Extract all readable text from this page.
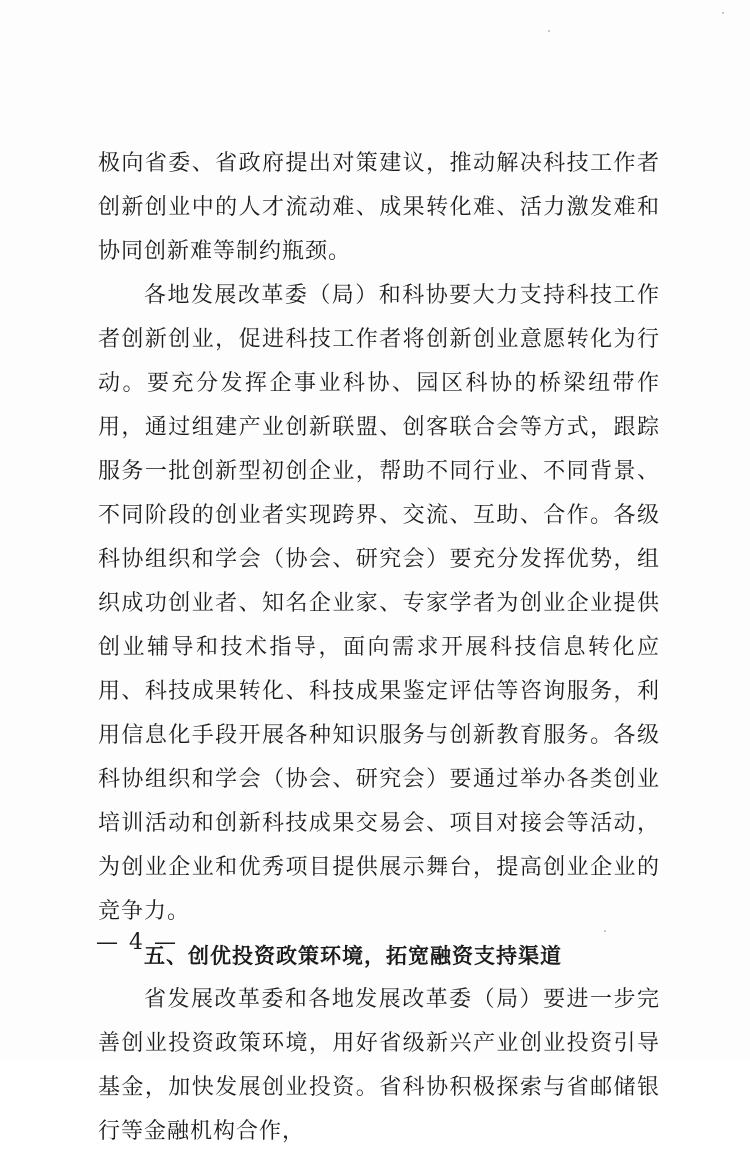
极向省委、省政府提出对策建议，推动解决科技工作者创新创业中的人才流动难、成果转化难、活力激发难和协同创新难等制约瓶颈。

各地发展改革委（局）和科协要大力支持科技工作者创新创业，促进科技工作者将创新创业意愿转化为行动。要充分发挥企事业科协、园区科协的桥梁纽带作用，通过组建产业创新联盟、创客联合会等方式，跟踪服务一批创新型初创企业，帮助不同行业、不同背景、不同阶段的创业者实现跨界、交流、互助、合作。各级科协组织和学会（协会、研究会）要充分发挥优势，组织成功创业者、知名企业家、专家学者为创业企业提供创业辅导和技术指导，面向需求开展科技信息转化应用、科技成果转化、科技成果鉴定评估等咨询服务，利用信息化手段开展各种知识服务与创新教育服务。各级科协组织和学会（协会、研究会）要通过举办各类创业培训活动和创新科技成果交易会、项目对接会等活动，为创业企业和优秀项目提供展示舞台，提高创业企业的竞争力。

五、创优投资政策环境，拓宽融资支持渠道

省发展改革委和各地发展改革委（局）要进一步完善创业投资政策环境，用好省级新兴产业创业投资引导基金，加快发展创业投资。省科协积极探索与省邮储银行等金融机构合作，

— 4 —
